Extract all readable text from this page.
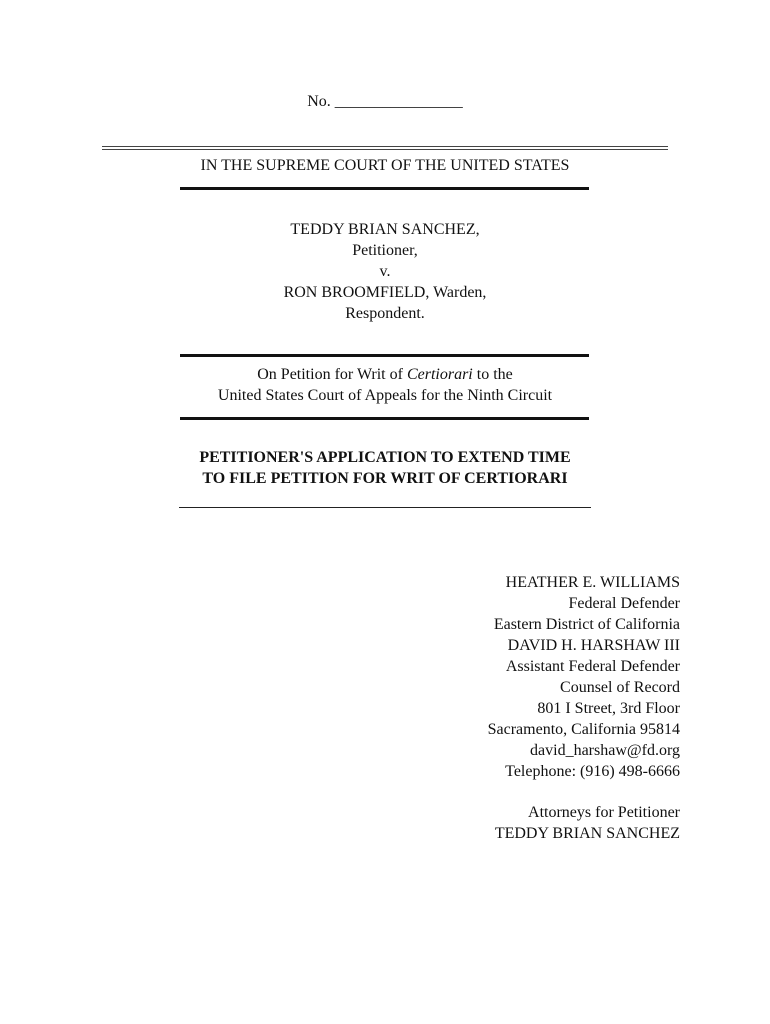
No. ________________
IN THE SUPREME COURT OF THE UNITED STATES
TEDDY BRIAN SANCHEZ,
Petitioner,
v.
RON BROOMFIELD, Warden,
Respondent.
On Petition for Writ of Certiorari to the
United States Court of Appeals for the Ninth Circuit
PETITIONER'S APPLICATION TO EXTEND TIME
TO FILE PETITION FOR WRIT OF CERTIORARI
HEATHER E. WILLIAMS
Federal Defender
Eastern District of California
DAVID H. HARSHAW III
Assistant Federal Defender
Counsel of Record
801 I Street, 3rd Floor
Sacramento, California 95814
david_harshaw@fd.org
Telephone: (916) 498-6666
Attorneys for Petitioner
TEDDY BRIAN SANCHEZ
